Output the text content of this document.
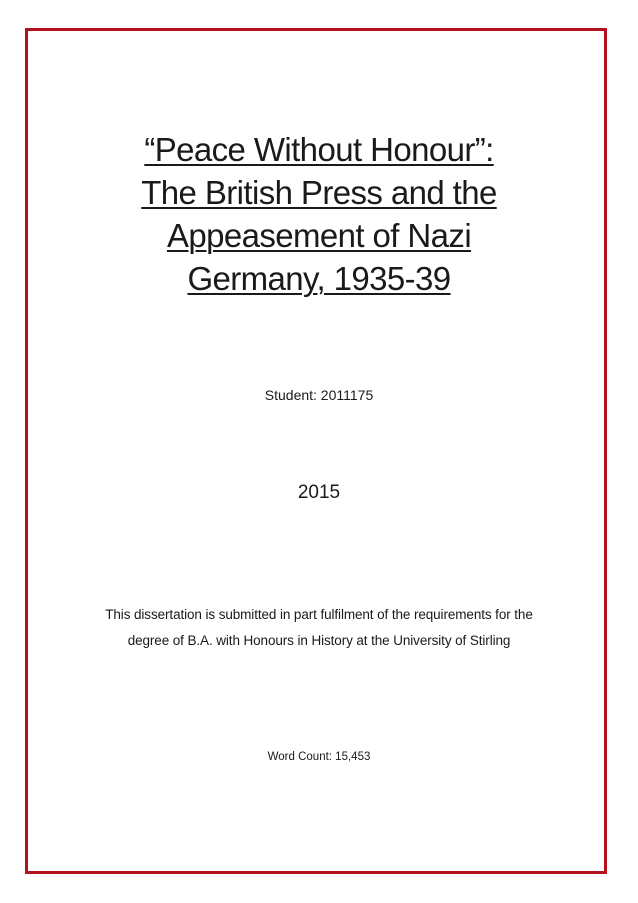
“Peace Without Honour”:
The British Press and the
Appeasement of Nazi
Germany, 1935-39
Student: 2011175
2015
This dissertation is submitted in part fulfilment of the requirements for the degree of B.A. with Honours in History at the University of Stirling
Word Count: 15,453
